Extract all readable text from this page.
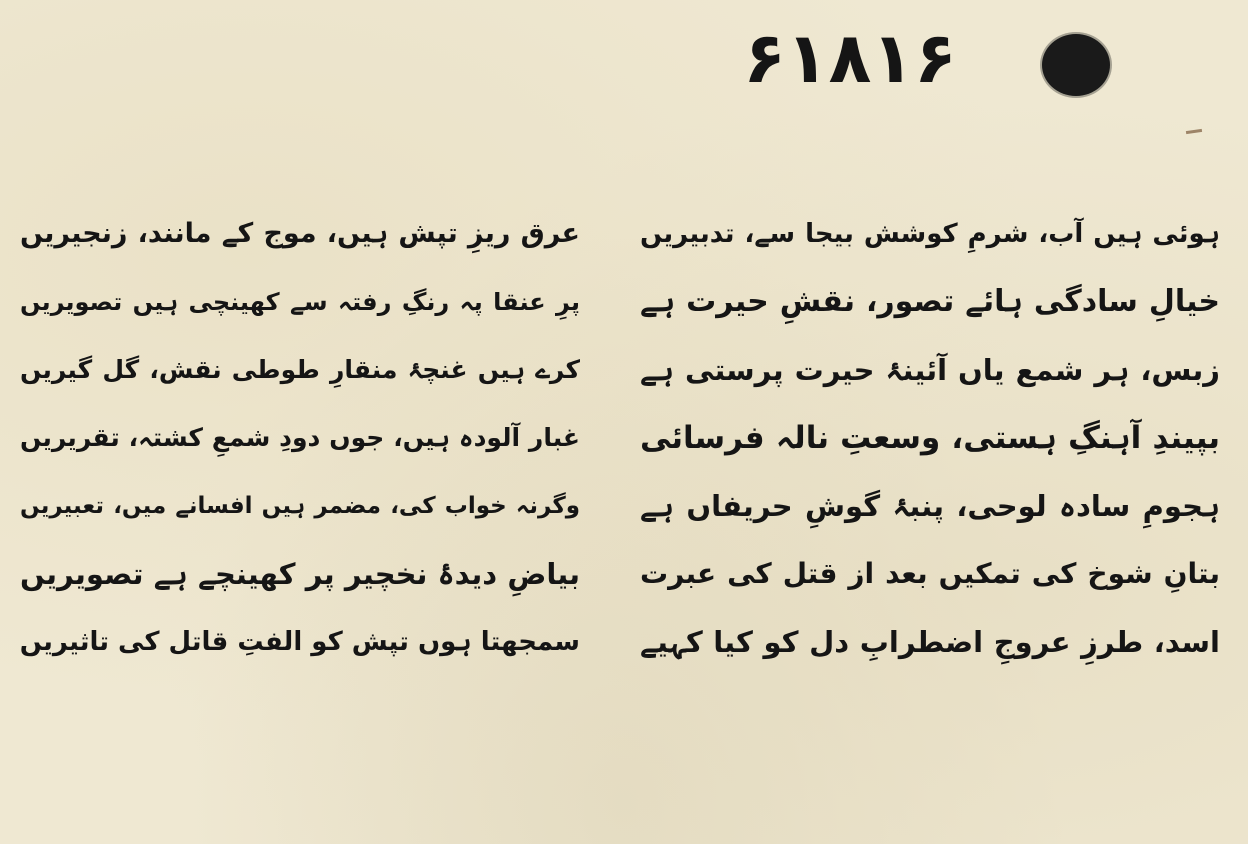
۶۱۸۱۶
ہوئی ہیں آب، شرمِ کوشش بیجا سے، تدبیریں
خیالِ سادگی ہائے تصور، نقشِ حیرت ہے
زبس، ہر شمع یاں آئینۂ حیرت پرستی ہے
بپیندِ آہنگِ ہستی، وسعتِ نالہ فرسائی
ہجومِ سادہ لوحی، پنبۂ گوشِ حریفاں ہے
بتانِ شوخ کی تمکیں بعد از قتل کی عبرت
اسد، طرزِ عروجِ اضطرابِ دل کو کیا کہیے
عرق ریزِ تپش ہیں، موج کے مانند، زنجیریں
پرِ عنقا پہ رنگِ رفتہ سے کھینچی ہیں تصویریں
کرے ہیں غنچۂ منقارِ طوطی نقش، گل گیریں
غبار آلودہ ہیں، جوں دودِ شمعِ کشتہ، تقریریں
وگرنہ خواب کی، مضمر ہیں افسانے میں، تعبیریں
بیاضِ دیدۂ نخچیر پر کھینچے ہے تصویریں
سمجھتا ہوں تپش کو الفتِ قاتل کی تاثیریں
